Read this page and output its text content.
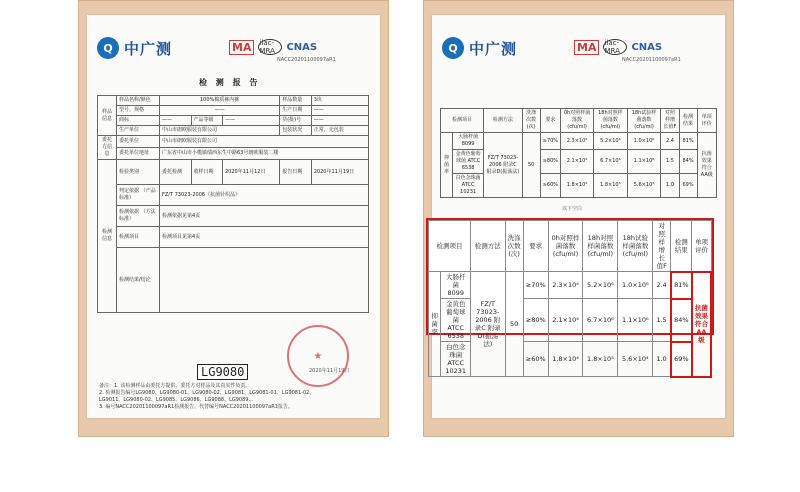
Q 中广测	MA	ilac-MRA	CNAS
NACC20201100097aR1
检 测 报 告
样品信息	样品名称/颜色	100%棉质裤内裤			样品数量	3块
	型号、规格	——			生产日期	——
	商标	——	产品等级	——	货(批)号	——
	生产单位	中山市朗欧服装有限公司			包装状况	正常，无包装
委托方信息	委托单位	中山市朗欧服装有限公司				
	委托单位地址	广东省中山市小榄镇绩西东生中路63号朗欧服装二楼				
检测信息	检验类别	委托检测	收样日期	2020年11月12日	报告日期	2020年11月19日
	判定依据 （产品标准）	FZ/T 73023-2006《抗菌针织品》				
	检测依据 （方法标准）	检测依据见第4页				
	检测项目	检测项目见第4页				
	检测结果/结论					
★
LG9080	2020年11月19日
备注：1. 该检测样品由委托方提供，委托方对样品及其真实性负责。
2. 检测报告编号LG9080、LG9080-01、LG9080-02、LG9081、LG9081-01、LG9081-02、
LG9011、LG9080-02、LG9085、LG9086、LG9088、LG9089…
3. 编号NACC20201100097aR1检测报告。代替编号NACC20201100097aR1报告。
Q 中广测	MA	ilac-MRA	CNAS
NACC20201100097aR1
检测项目		检测方法	洗涤次数(次)	要求	0h对照样菌落数(cfu/ml)	18h对照样菌落数(cfu/ml)	18h试验样菌落数(cfu/ml)	对照样增长值F	检测结果	单项评价
抑菌率	大肠杆菌 8099	FZ/T 73023-2006 附录C 附录D(振荡法)	50	≥70%	2.3×10⁴	5.2×10⁶	1.0×10⁶	2.4	81%	抗菌效果符合AA级
	金黄色葡萄球菌 ATCC 6538			≥80%	2.1×10⁴	6.7×10⁶	1.1×10⁶	1.5	84%	
	白色念珠菌 ATCC 10231			≥60%	1.8×10⁴	1.8×10⁵	5.6×10⁴	1.0	69%	
以下空白
检测项目		检测方法	洗涤次数(次)	要求	0h对照样菌落数(cfu/ml)	18h对照样菌落数(cfu/ml)	18h试验样菌落数(cfu/ml)	对照样增长值F	检测结果	单项评价
抑菌率	大肠杆菌 8099	FZ/T 73023-2006 附录C 附录D(振荡法)	50	≥70%	2.3×10⁴	5.2×10⁶	1.0×10⁶	2.4	81%	抗菌效果符合AA级
	金黄色葡萄球菌 ATCC 6538			≥80%	2.1×10⁴	6.7×10⁶	1.1×10⁶	1.5	84%	
	白色念珠菌 ATCC 10231			≥60%	1.8×10⁴	1.8×10⁵	5.6×10⁴	1.0	69%	
